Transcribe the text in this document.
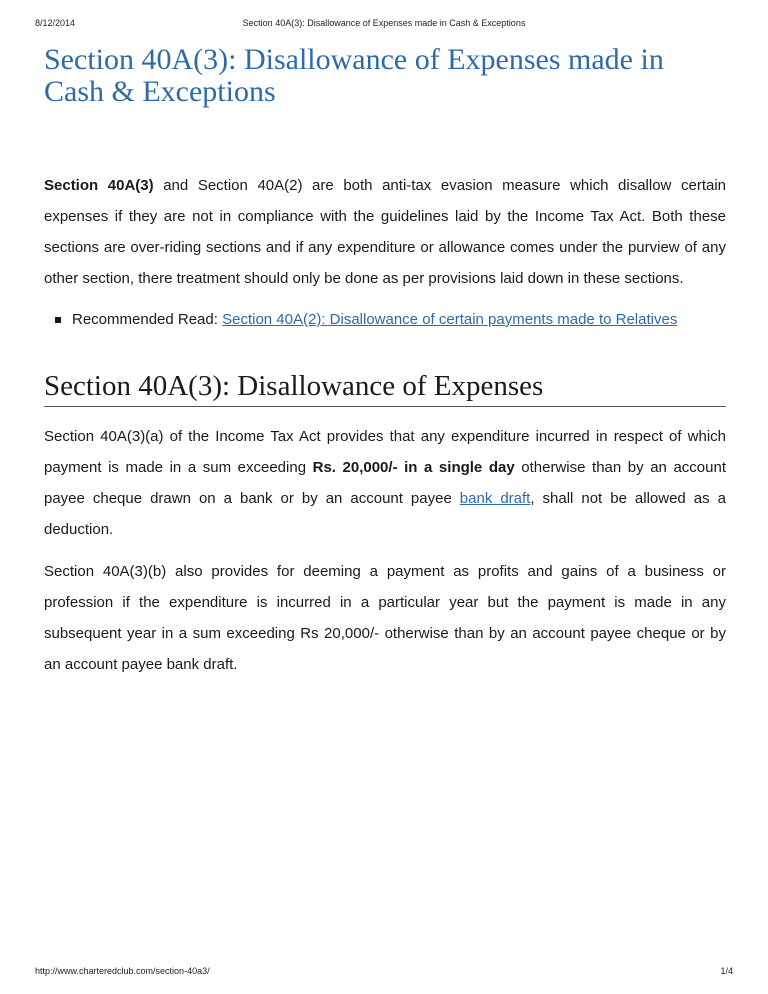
8/12/2014	Section 40A(3): Disallowance of Expenses made in Cash & Exceptions
Section 40A(3): Disallowance of Expenses made in Cash & Exceptions

Section 40A(3) and Section 40A(2) are both anti-tax evasion measure which disallow certain expenses if they are not in compliance with the guidelines laid by the Income Tax Act. Both these sections are over-riding sections and if any expenditure or allowance comes under the purview of any other section, there treatment should only be done as per provisions laid down in these sections.

Recommended Read: Section 40A(2): Disallowance of certain payments made to Relatives
Section 40A(3): Disallowance of Expenses

Section 40A(3)(a) of the Income Tax Act provides that any expenditure incurred in respect of which payment is made in a sum exceeding Rs. 20,000/- in a single day otherwise than by an account payee cheque drawn on a bank or by an account payee bank draft, shall not be allowed as a deduction.

Section 40A(3)(b) also provides for deeming a payment as profits and gains of a business or profession if the expenditure is incurred in a particular year but the payment is made in any subsequent year in a sum exceeding Rs 20,000/- otherwise than by an account payee cheque or by an account payee bank draft.

http://www.charteredclub.com/section-40a3/	1/4
